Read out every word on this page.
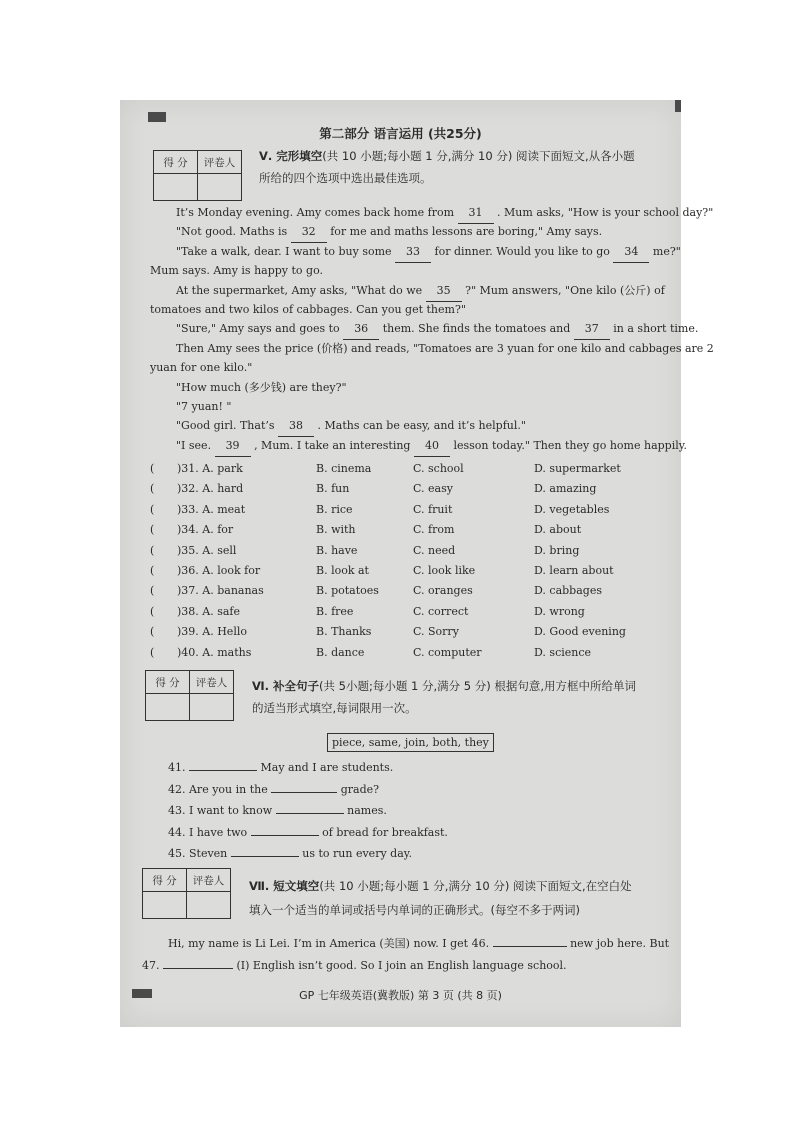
第二部分 语言运用 (共25分)
得 分	评卷人
	Ⅴ. 完形填空(共 10 小题;每小题 1 分,满分 10 分) 阅读下面短文,从各小题
所给的四个选项中选出最佳选项。
It’s Monday evening. Amy comes back home from 31 . Mum asks, "How is your school day?"
"Not good. Maths is 32 for me and maths lessons are boring," Amy says.
"Take a walk, dear. I want to buy some 33 for dinner. Would you like to go 34 me?"
Mum says. Amy is happy to go.
At the supermarket, Amy asks, "What do we 35 ?" Mum answers, "One kilo (公斤) of
tomatoes and two kilos of cabbages. Can you get them?"
"Sure," Amy says and goes to 36 them. She finds the tomatoes and 37 in a short time.
Then Amy sees the price (价格) and reads, "Tomatoes are 3 yuan for one kilo and cabbages are 2
yuan for one kilo."
"How much (多少钱) are they?"
"7 yuan! "
"Good girl. That’s 38 . Maths can be easy, and it’s helpful."
"I see. 39 , Mum. I take an interesting 40 lesson today." Then they go home happily.
( )31. A. park	B. cinema	C. school	D. supermarket
( )32. A. hard	B. fun	C. easy	D. amazing
( )33. A. meat	B. rice	C. fruit	D. vegetables
( )34. A. for	B. with	C. from	D. about
( )35. A. sell	B. have	C. need	D. bring
( )36. A. look for	B. look at	C. look like	D. learn about
( )37. A. bananas	B. potatoes	C. oranges	D. cabbages
( )38. A. safe	B. free	C. correct	D. wrong
( )39. A. Hello	B. Thanks	C. Sorry	D. Good evening
( )40. A. maths	B. dance	C. computer	D. science
得 分	评卷人
	Ⅵ. 补全句子(共 5小题;每小题 1 分,满分 5 分) 根据句意,用方框中所给单词
的适当形式填空,每词限用一次。
piece, same, join, both, they
41.	May and I are students.
42. Are you in the	grade?
43. I want to know	names.
44. I have two	of bread for breakfast.
45. Steven	us to run every day.
得 分	评卷人
	Ⅶ. 短文填空(共 10 小题;每小题 1 分,满分 10 分) 阅读下面短文,在空白处
填入一个适当的单词或括号内单词的正确形式。(每空不多于两词)
Hi, my name is Li Lei. I’m in America (美国) now. I get 46.	new job here. But
47.	(I) English isn’t good. So I join an English language school.
GP 七年级英语(冀教版) 第 3 页 (共 8 页)
